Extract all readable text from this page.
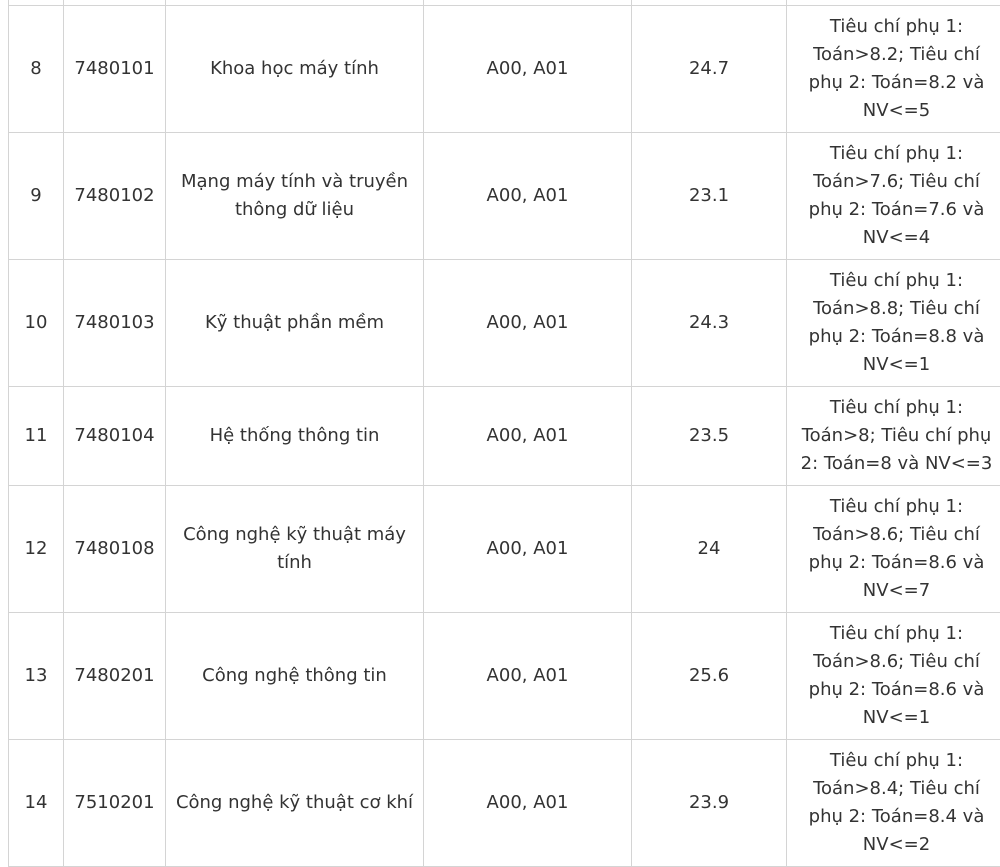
8	7480101	Khoa học máy tính	A00, A01	24.7	Tiêu chí phụ 1: Toán>8.2; Tiêu chí phụ 2: Toán=8.2 và NV<=5
9	7480102	Mạng máy tính và truyền thông dữ liệu	A00, A01	23.1	Tiêu chí phụ 1: Toán>7.6; Tiêu chí phụ 2: Toán=7.6 và NV<=4
10	7480103	Kỹ thuật phần mềm	A00, A01	24.3	Tiêu chí phụ 1: Toán>8.8; Tiêu chí phụ 2: Toán=8.8 và NV<=1
11	7480104	Hệ thống thông tin	A00, A01	23.5	Tiêu chí phụ 1: Toán>8; Tiêu chí phụ 2: Toán=8 và NV<=3
12	7480108	Công nghệ kỹ thuật máy tính	A00, A01	24	Tiêu chí phụ 1: Toán>8.6; Tiêu chí phụ 2: Toán=8.6 và NV<=7
13	7480201	Công nghệ thông tin	A00, A01	25.6	Tiêu chí phụ 1: Toán>8.6; Tiêu chí phụ 2: Toán=8.6 và NV<=1
14	7510201	Công nghệ kỹ thuật cơ khí	A00, A01	23.9	Tiêu chí phụ 1: Toán>8.4; Tiêu chí phụ 2: Toán=8.4 và NV<=2
